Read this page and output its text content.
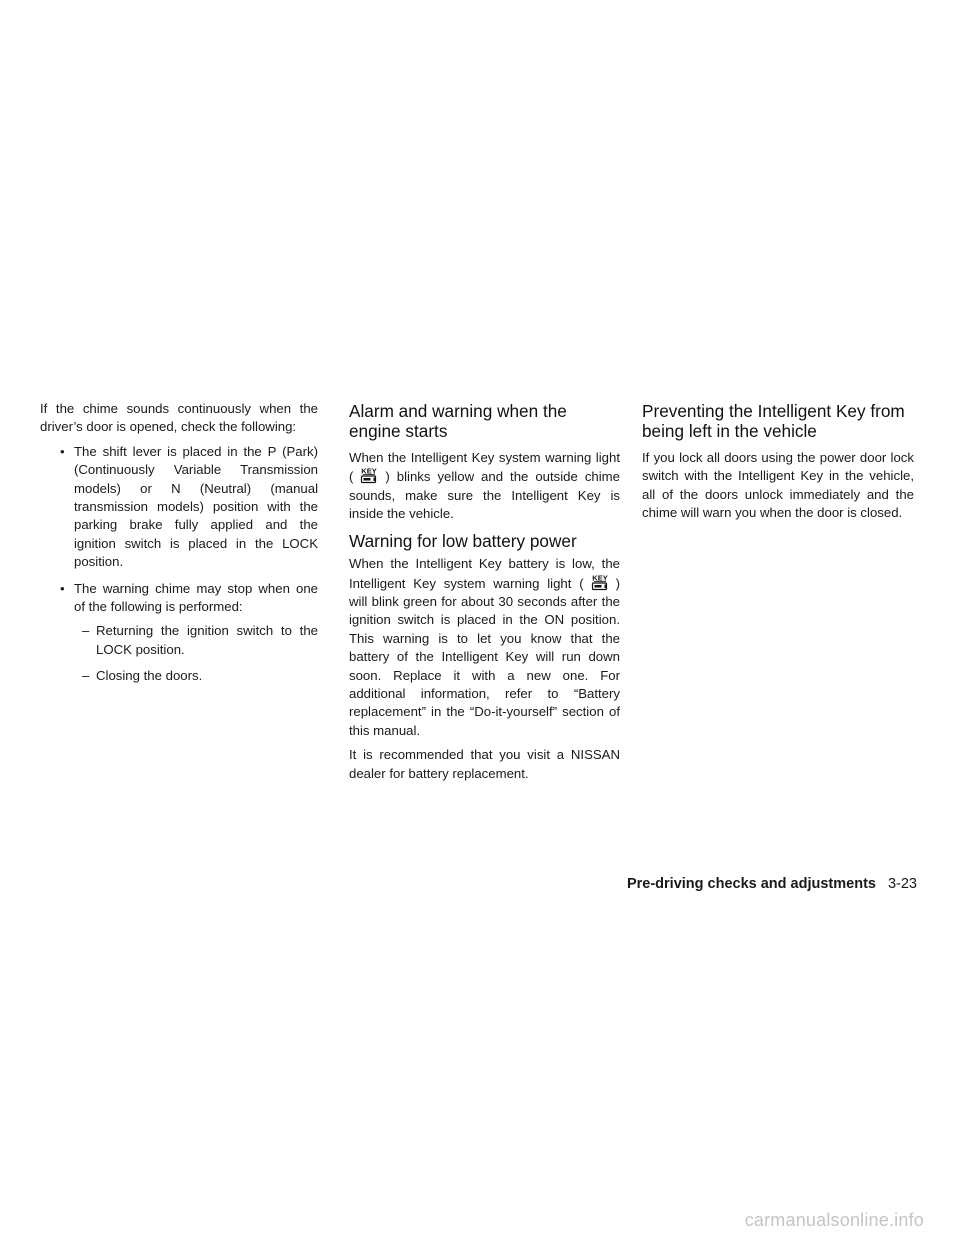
If the chime sounds continuously when the driver’s door is opened, check the following:

• The shift lever is placed in the P (Park) (Continuously Variable Transmission models) or N (Neutral) (manual transmission models) position with the parking brake fully applied and the ignition switch is placed in the LOCK position.
• The warning chime may stop when one of the following is performed:
– Returning the ignition switch to the LOCK position.
– Closing the doors.
Alarm and warning when the engine starts

When the Intelligent Key system warning light ( KEY ) blinks yellow and the outside chime sounds, make sure the Intelligent Key is inside the vehicle.

Warning for low battery power

When the Intelligent Key battery is low, the Intelligent Key system warning light ( KEY ) will blink green for about 30 seconds after the ignition switch is placed in the ON position. This warning is to let you know that the battery of the Intelligent Key will run down soon. Replace it with a new one. For additional information, refer to “Battery replacement” in the “Do-it-yourself” section of this manual.

It is recommended that you visit a NISSAN dealer for battery replacement.

Preventing the Intelligent Key from being left in the vehicle

If you lock all doors using the power door lock switch with the Intelligent Key in the vehicle, all of the doors unlock immediately and the chime will warn you when the door is closed.

Pre-driving checks and adjustments 3-23
carmanualsonline.info
